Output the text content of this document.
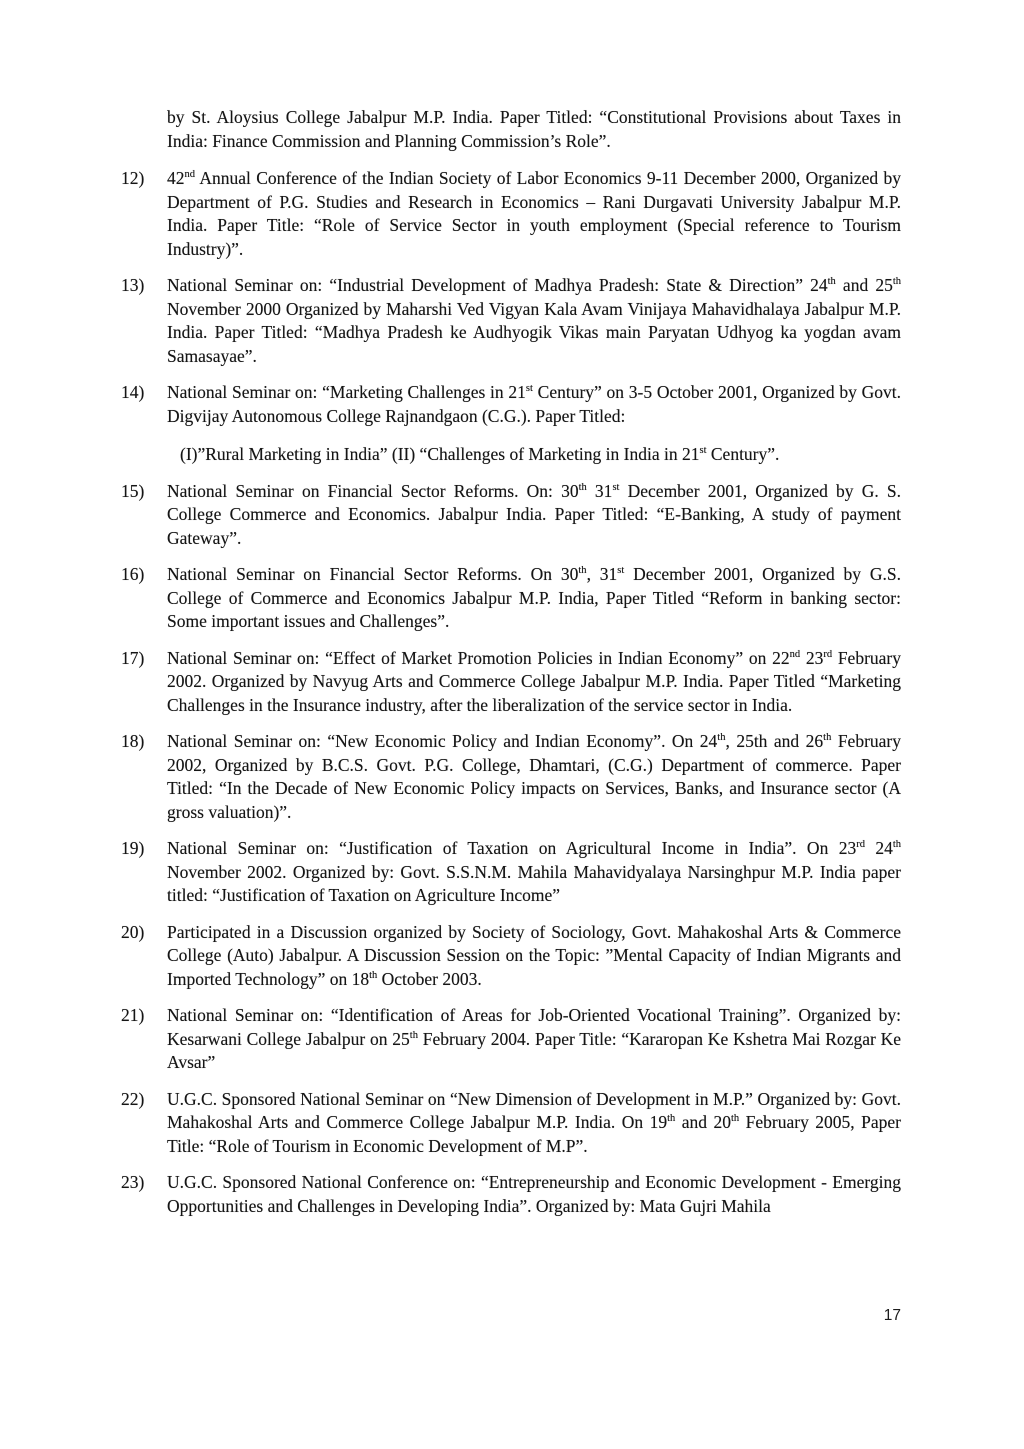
by St. Aloysius College Jabalpur M.P. India. Paper Titled: “Constitutional Provisions about Taxes in India: Finance Commission and Planning Commission’s Role”.

12)	42nd Annual Conference of the Indian Society of Labor Economics 9-11 December 2000, Organized by Department of P.G. Studies and Research in Economics – Rani Durgavati University Jabalpur M.P. India. Paper Title: “Role of Service Sector in youth employment (Special reference to Tourism Industry)”.
13)	National Seminar on: “Industrial Development of Madhya Pradesh: State & Direction” 24th and 25th November 2000 Organized by Maharshi Ved Vigyan Kala Avam Vinijaya Mahavidhalaya Jabalpur M.P. India. Paper Titled: “Madhya Pradesh ke Audhyogik Vikas main Paryatan Udhyog ka yogdan avam Samasayae”.
14)	National Seminar on: “Marketing Challenges in 21st Century” on 3-5 October 2001, Organized by Govt. Digvijay Autonomous College Rajnandgaon (C.G.). Paper Titled:
(I)”Rural Marketing in India” (II) “Challenges of Marketing in India in 21st Century”.
15)	National Seminar on Financial Sector Reforms. On: 30th 31st December 2001, Organized by G. S. College Commerce and Economics. Jabalpur India. Paper Titled: “E-Banking, A study of payment Gateway”.
16)	National Seminar on Financial Sector Reforms. On 30th, 31st December 2001, Organized by G.S. College of Commerce and Economics Jabalpur M.P. India, Paper Titled “Reform in banking sector: Some important issues and Challenges”.
17)	National Seminar on: “Effect of Market Promotion Policies in Indian Economy” on 22nd 23rd February 2002. Organized by Navyug Arts and Commerce College Jabalpur M.P. India. Paper Titled “Marketing Challenges in the Insurance industry, after the liberalization of the service sector in India.
18)	National Seminar on: “New Economic Policy and Indian Economy”. On 24th, 25th and 26th February 2002, Organized by B.C.S. Govt. P.G. College, Dhamtari, (C.G.) Department of commerce. Paper Titled: “In the Decade of New Economic Policy impacts on Services, Banks, and Insurance sector (A gross valuation)”.
19)	National Seminar on: “Justification of Taxation on Agricultural Income in India”. On 23rd 24th November 2002. Organized by: Govt. S.S.N.M. Mahila Mahavidyalaya Narsinghpur M.P. India paper titled: “Justification of Taxation on Agriculture Income”
20)	Participated in a Discussion organized by Society of Sociology, Govt. Mahakoshal Arts & Commerce College (Auto) Jabalpur. A Discussion Session on the Topic: ”Mental Capacity of Indian Migrants and Imported Technology” on 18th October 2003.
21)	National Seminar on: “Identification of Areas for Job-Oriented Vocational Training”. Organized by: Kesarwani College Jabalpur on 25th February 2004. Paper Title: “Kararopan Ke Kshetra Mai Rozgar Ke Avsar”
22)	U.G.C. Sponsored National Seminar on “New Dimension of Development in M.P.” Organized by: Govt. Mahakoshal Arts and Commerce College Jabalpur M.P. India. On 19th and 20th February 2005, Paper Title: “Role of Tourism in Economic Development of M.P”.
23)	U.G.C. Sponsored National Conference on: “Entrepreneurship and Economic Development - Emerging Opportunities and Challenges in Developing India”. Organized by: Mata Gujri Mahila
17
